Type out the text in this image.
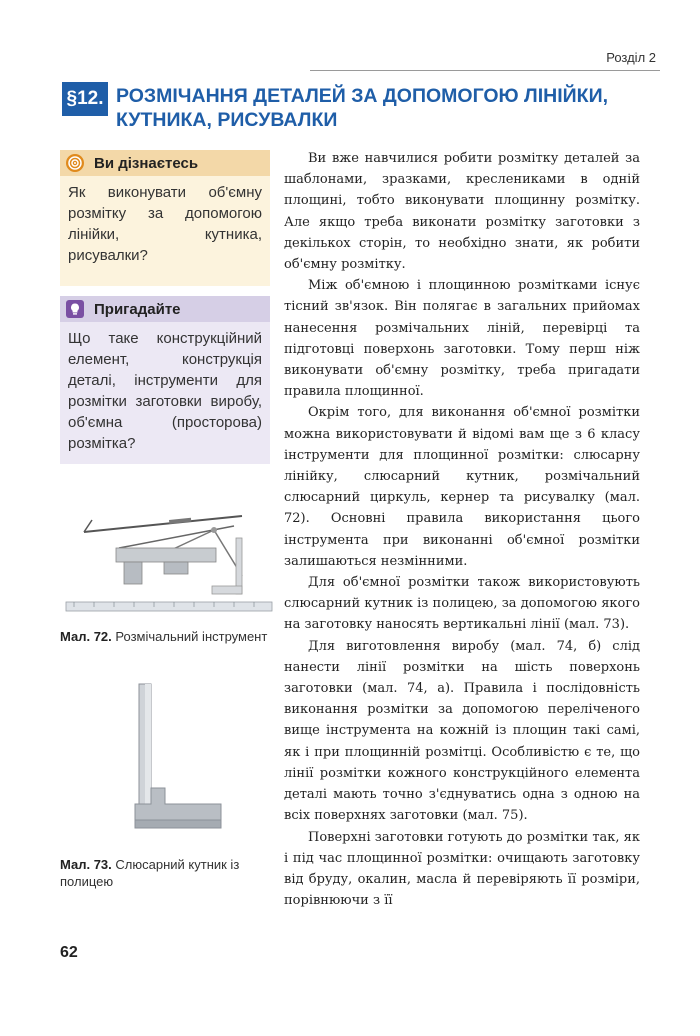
Розділ 2
§12. РОЗМІЧАННЯ ДЕТАЛЕЙ ЗА ДОПОМОГОЮ ЛІНІЙКИ,
КУТНИКА, РИСУВАЛКИ
Ви дізнаєтесь
Як виконувати об'ємну розмітку за допомогою лінійки, кутника, рисувалки?
Пригадайте
Що таке конструкційний елемент, конструкція деталі, інструменти для розмітки заготовки виробу, об'ємна (просторова) розмітка?
Мал. 72. Розмічальний інструмент
Мал. 73. Слюсарний кутник із полицею

Ви вже навчилися робити розмітку деталей за шаблонами, зразками, креслениками в одній площині, тобто виконувати площинну розмітку. Але якщо треба виконати розмітку заготовки з декількох сторін, то необхідно знати, як робити об'ємну розмітку.

Між об'ємною і площинною розмітками існує тісний зв'язок. Він полягає в загальних прийомах нанесення розмічальних ліній, перевірці та підготовці поверхонь заготовки. Тому перш ніж виконувати об'ємну розмітку, треба пригадати правила площинної.

Окрім того, для виконання об'ємної розмітки можна використовувати й відомі вам ще з 6 класу інструменти для площинної розмітки: слюсарну лінійку, слюсарний кутник, розмічальний слюсарний циркуль, кернер та рисувалку (мал. 72). Основні правила використання цього інструмента при виконанні об'ємної розмітки залишаються незмінними.

Для об'ємної розмітки також використовують слюсарний кутник із полицею, за допомогою якого на заготовку наносять вертикальні лінії (мал. 73).

Для виготовлення виробу (мал. 74, б) слід нанести лінії розмітки на шість поверхонь заготовки (мал. 74, а). Правила і послідовність виконання розмітки за допомогою переліченого вище інструмента на кожній із площин такі самі, як і при площинній розмітці. Особливістю є те, що лінії розмітки кожного конструкційного елемента деталі мають точно з'єднуватись одна з одною на всіх поверхнях заготовки (мал. 75).

Поверхні заготовки готують до розмітки так, як і під час площинної розмітки: очищають заготовку від бруду, окалин, масла й перевіряють її розміри, порівнюючи з її

62
